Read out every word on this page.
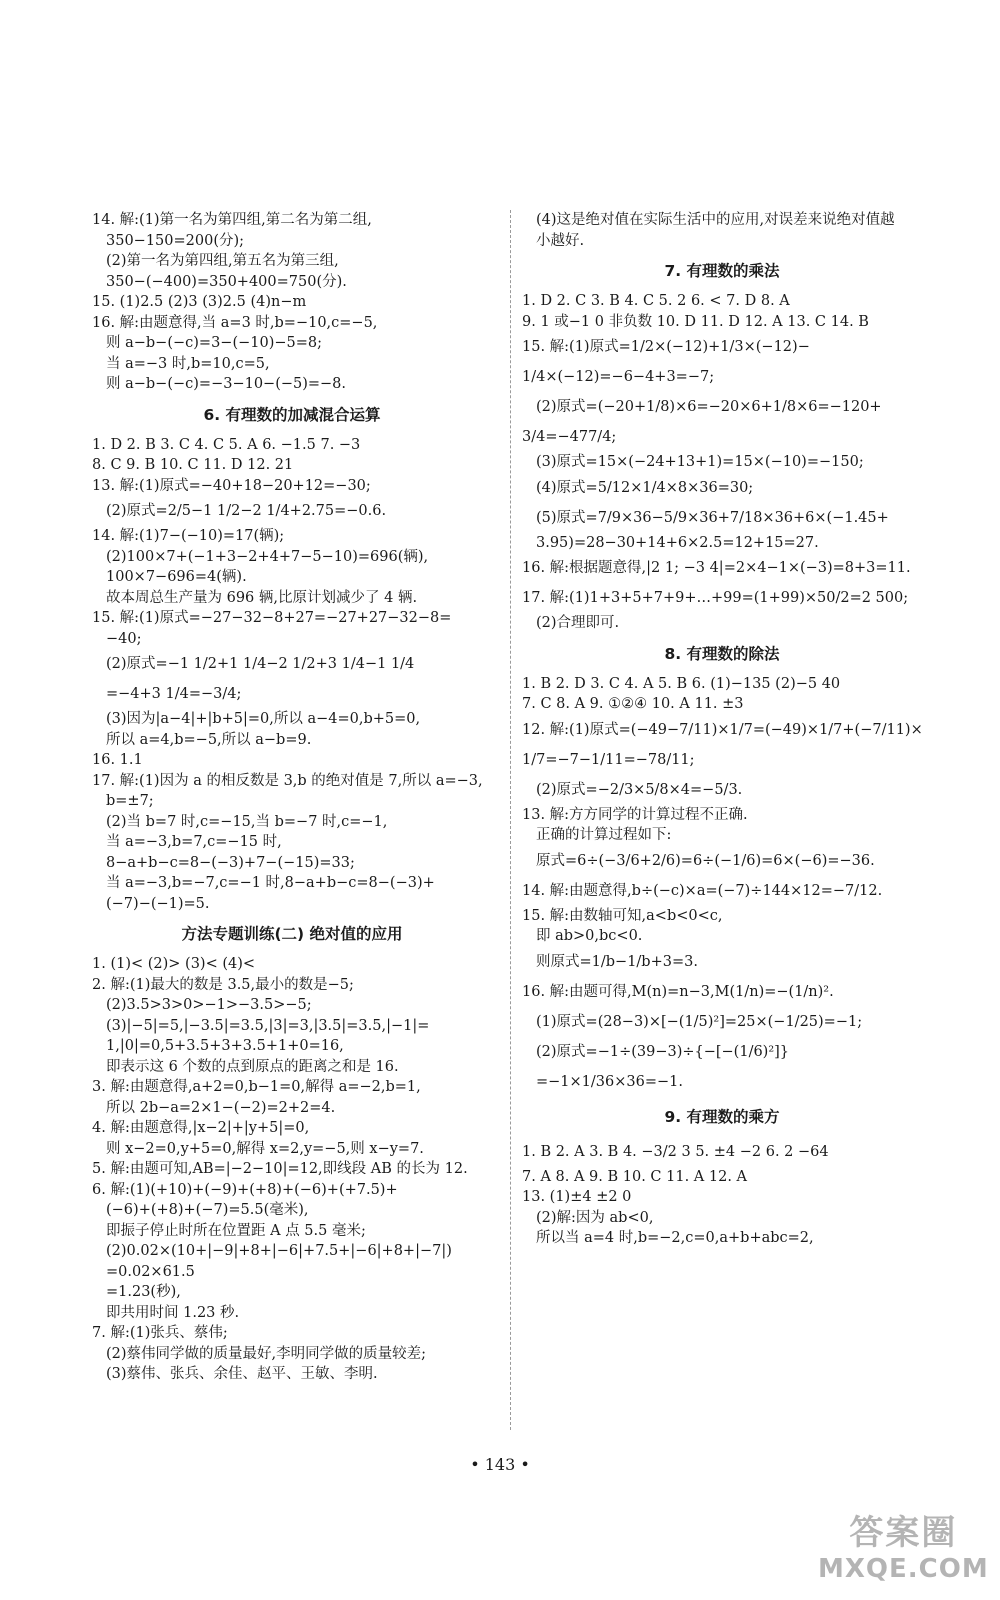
14. 解:(1)第一名为第四组,第二名为第二组,
350−150=200(分);
(2)第一名为第四组,第五名为第三组,
350−(−400)=350+400=750(分).
15. (1)2.5 (2)3 (3)2.5 (4)n−m
16. 解:由题意得,当 a=3 时,b=−10,c=−5,
则 a−b−(−c)=3−(−10)−5=8;
当 a=−3 时,b=10,c=5,
则 a−b−(−c)=−3−10−(−5)=−8.
6. 有理数的加减混合运算
1. D 2. B 3. C 4. C 5. A 6. −1.5 7. −3
8. C 9. B 10. C 11. D 12. 21
13. 解:(1)原式=−40+18−20+12=−30;
(2)原式=2/5−1 1/2−2 1/4+2.75=−0.6.
14. 解:(1)7−(−10)=17(辆);
(2)100×7+(−1+3−2+4+7−5−10)=696(辆),
100×7−696=4(辆).
故本周总生产量为 696 辆,比原计划减少了 4 辆.
15. 解:(1)原式=−27−32−8+27=−27+27−32−8=
−40;
(2)原式=−1 1/2+1 1/4−2 1/2+3 1/4−1 1/4
=−4+3 1/4=−3/4;
(3)因为|a−4|+|b+5|=0,所以 a−4=0,b+5=0,
所以 a=4,b=−5,所以 a−b=9.
16. 1.1
17. 解:(1)因为 a 的相反数是 3,b 的绝对值是 7,所以 a=−3,
b=±7;
(2)当 b=7 时,c=−15,当 b=−7 时,c=−1,
当 a=−3,b=7,c=−15 时,
8−a+b−c=8−(−3)+7−(−15)=33;
当 a=−3,b=−7,c=−1 时,8−a+b−c=8−(−3)+
(−7)−(−1)=5.
方法专题训练(二) 绝对值的应用
1. (1)< (2)> (3)< (4)<
2. 解:(1)最大的数是 3.5,最小的数是−5;
(2)3.5>3>0>−1>−3.5>−5;
(3)|−5|=5,|−3.5|=3.5,|3|=3,|3.5|=3.5,|−1|=
1,|0|=0,5+3.5+3+3.5+1+0=16,
即表示这 6 个数的点到原点的距离之和是 16.
3. 解:由题意得,a+2=0,b−1=0,解得 a=−2,b=1,
所以 2b−a=2×1−(−2)=2+2=4.
4. 解:由题意得,|x−2|+|y+5|=0,
则 x−2=0,y+5=0,解得 x=2,y=−5,则 x−y=7.
5. 解:由题可知,AB=|−2−10|=12,即线段 AB 的长为 12.
6. 解:(1)(+10)+(−9)+(+8)+(−6)+(+7.5)+
(−6)+(+8)+(−7)=5.5(毫米),
即振子停止时所在位置距 A 点 5.5 毫米;
(2)0.02×(10+|−9|+8+|−6|+7.5+|−6|+8+|−7|)
=0.02×61.5
=1.23(秒),
即共用时间 1.23 秒.
7. 解:(1)张兵、蔡伟;
(2)蔡伟同学做的质量最好,李明同学做的质量较差;
(3)蔡伟、张兵、余佳、赵平、王敏、李明.
(4)这是绝对值在实际生活中的应用,对误差来说绝对值越
小越好.
7. 有理数的乘法
1. D 2. C 3. B 4. C 5. 2 6. < 7. D 8. A
9. 1 或−1 0 非负数 10. D 11. D 12. A 13. C 14. B
15. 解:(1)原式=1/2×(−12)+1/3×(−12)−
1/4×(−12)=−6−4+3=−7;
(2)原式=(−20+1/8)×6=−20×6+1/8×6=−120+
3/4=−477/4;
(3)原式=15×(−24+13+1)=15×(−10)=−150;
(4)原式=5/12×1/4×8×36=30;
(5)原式=7/9×36−5/9×36+7/18×36+6×(−1.45+
3.95)=28−30+14+6×2.5=12+15=27.
16. 解:根据题意得,|2 1; −3 4|=2×4−1×(−3)=8+3=11.
17. 解:(1)1+3+5+7+9+…+99=(1+99)×50/2=2 500;
(2)合理即可.
8. 有理数的除法
1. B 2. D 3. C 4. A 5. B 6. (1)−135 (2)−5 40
7. C 8. A 9. ①②④ 10. A 11. ±3
12. 解:(1)原式=(−49−7/11)×1/7=(−49)×1/7+(−7/11)×
1/7=−7−1/11=−78/11;
(2)原式=−2/3×5/8×4=−5/3.
13. 解:方方同学的计算过程不正确.
正确的计算过程如下:
原式=6÷(−3/6+2/6)=6÷(−1/6)=6×(−6)=−36.
14. 解:由题意得,b÷(−c)×a=(−7)÷144×12=−7/12.
15. 解:由数轴可知,a<b<0<c,
即 ab>0,bc<0.
则原式=1/b−1/b+3=3.
16. 解:由题可得,M(n)=n−3,M(1/n)=−(1/n)².
(1)原式=(28−3)×[−(1/5)²]=25×(−1/25)=−1;
(2)原式=−1÷(39−3)÷{−[−(1/6)²]}
=−1×1/36×36=−1.
9. 有理数的乘方
1. B 2. A 3. B 4. −3/2 3 5. ±4 −2 6. 2 −64
7. A 8. A 9. B 10. C 11. A 12. A
13. (1)±4 ±2 0
(2)解:因为 ab<0,
所以当 a=4 时,b=−2,c=0,a+b+abc=2,
• 143 •
答案圈
MXQE.COM
